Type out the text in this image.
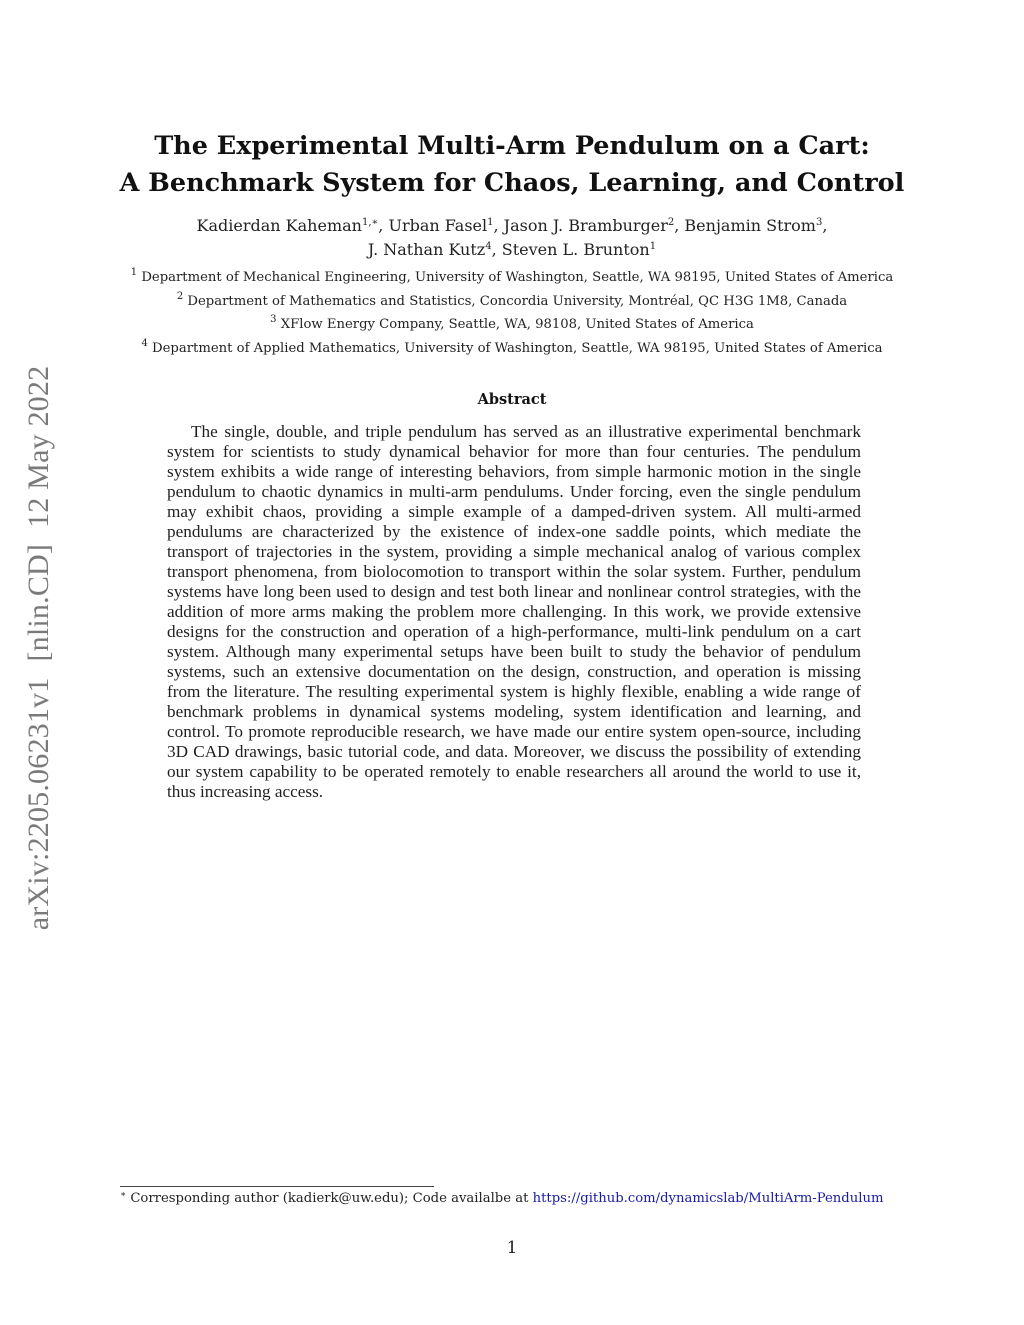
arXiv:2205.06231v1[nlin.CD]12 May 2022
The Experimental Multi-Arm Pendulum on a Cart:
A Benchmark System for Chaos, Learning, and Control
Kadierdan Kaheman$^{1,∗}$, Urban Fasel$^1$, Jason J. Bramburger$^2$, Benjamin Strom$^3$,
J. Nathan Kutz$^4$, Steven L. Brunton$^1$
$^1$ Department of Mechanical Engineering, University of Washington, Seattle, WA 98195, United States of America
$^2$ Department of Mathematics and Statistics, Concordia University, Montréal, QC H3G 1M8, Canada
$^3$ XFlow Energy Company, Seattle, WA, 98108, United States of America
$^4$ Department of Applied Mathematics, University of Washington, Seattle, WA 98195, United States of America
Abstract

The single, double, and triple pendulum has served as an illustrative experimental benchmark system for scientists to study dynamical behavior for more than four centuries. The pendulum system exhibits a wide range of interesting behaviors, from simple harmonic motion in the single pendulum to chaotic dynamics in multi-arm pendulums. Under forcing, even the single pendulum may exhibit chaos, providing a simple example of a damped-driven system. All multi-armed pendulums are characterized by the existence of index-one saddle points, which mediate the transport of trajectories in the system, providing a simple mechanical analog of various complex transport phenomena, from biolocomotion to transport within the solar system. Further, pendulum systems have long been used to design and test both linear and nonlinear control strategies, with the addition of more arms making the problem more challenging. In this work, we provide extensive designs for the construction and operation of a high-performance, multi-link pendulum on a cart system. Although many experimental setups have been built to study the behavior of pendulum systems, such an extensive documentation on the design, construction, and operation is missing from the literature. The resulting experimental system is highly flexible, enabling a wide range of benchmark problems in dynamical systems modeling, system identification and learning, and control. To promote reproducible research, we have made our entire system open-source, including 3D CAD drawings, basic tutorial code, and data. Moreover, we discuss the possibility of extending our system capability to be operated remotely to enable researchers all around the world to use it, thus increasing access.

∗ Corresponding author (kadierk@uw.edu); Code availalbe at https://github.com/dynamicslab/MultiArm-Pendulum
1
